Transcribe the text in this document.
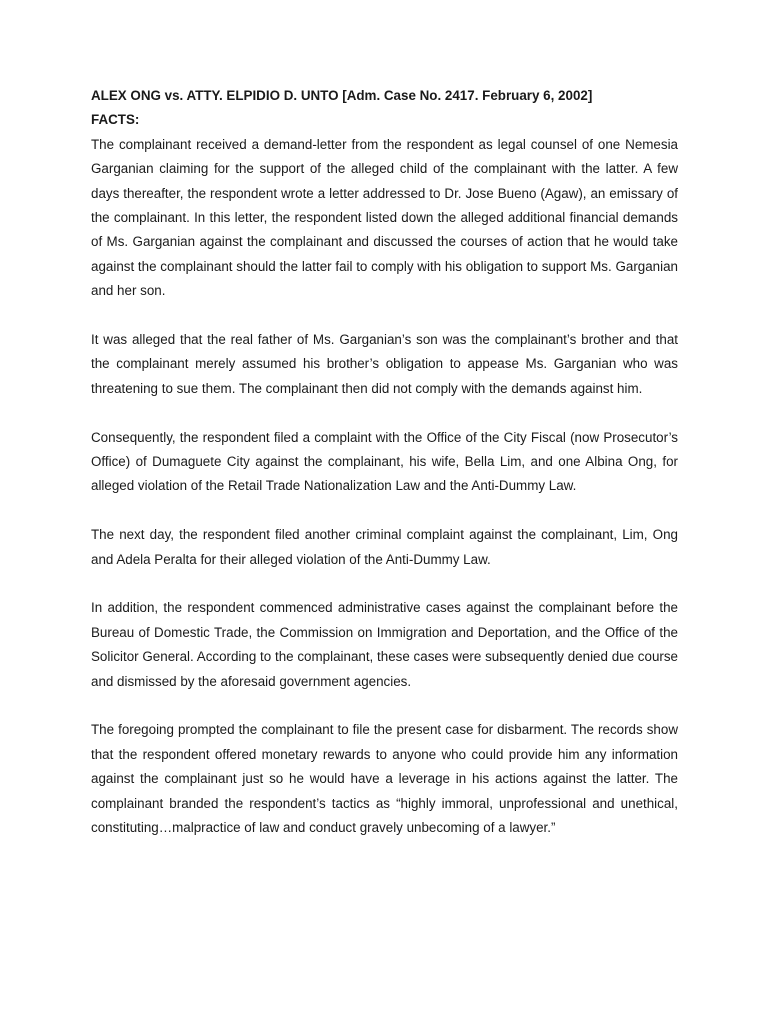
ALEX ONG vs. ATTY. ELPIDIO D. UNTO [Adm. Case No. 2417. February 6, 2002]

FACTS:

The complainant received a demand-letter from the respondent as legal counsel of one Nemesia Garganian claiming for the support of the alleged child of the complainant with the latter. A few days thereafter, the respondent wrote a letter addressed to Dr. Jose Bueno (Agaw), an emissary of the complainant. In this letter, the respondent listed down the alleged additional financial demands of Ms. Garganian against the complainant and discussed the courses of action that he would take against the complainant should the latter fail to comply with his obligation to support Ms. Garganian and her son.

It was alleged that the real father of Ms. Garganian’s son was the complainant’s brother and that the complainant merely assumed his brother’s obligation to appease Ms. Garganian who was threatening to sue them. The complainant then did not comply with the demands against him.

Consequently, the respondent filed a complaint with the Office of the City Fiscal (now Prosecutor’s Office) of Dumaguete City against the complainant, his wife, Bella Lim, and one Albina Ong, for alleged violation of the Retail Trade Nationalization Law and the Anti-Dummy Law.

The next day, the respondent filed another criminal complaint against the complainant, Lim, Ong and Adela Peralta for their alleged violation of the Anti-Dummy Law.

In addition, the respondent commenced administrative cases against the complainant before the Bureau of Domestic Trade, the Commission on Immigration and Deportation, and the Office of the Solicitor General. According to the complainant, these cases were subsequently denied due course and dismissed by the aforesaid government agencies.

The foregoing prompted the complainant to file the present case for disbarment. The records show that the respondent offered monetary rewards to anyone who could provide him any information against the complainant just so he would have a leverage in his actions against the latter. The complainant branded the respondent’s tactics as “highly immoral, unprofessional and unethical, constituting…malpractice of law and conduct gravely unbecoming of a lawyer.”
